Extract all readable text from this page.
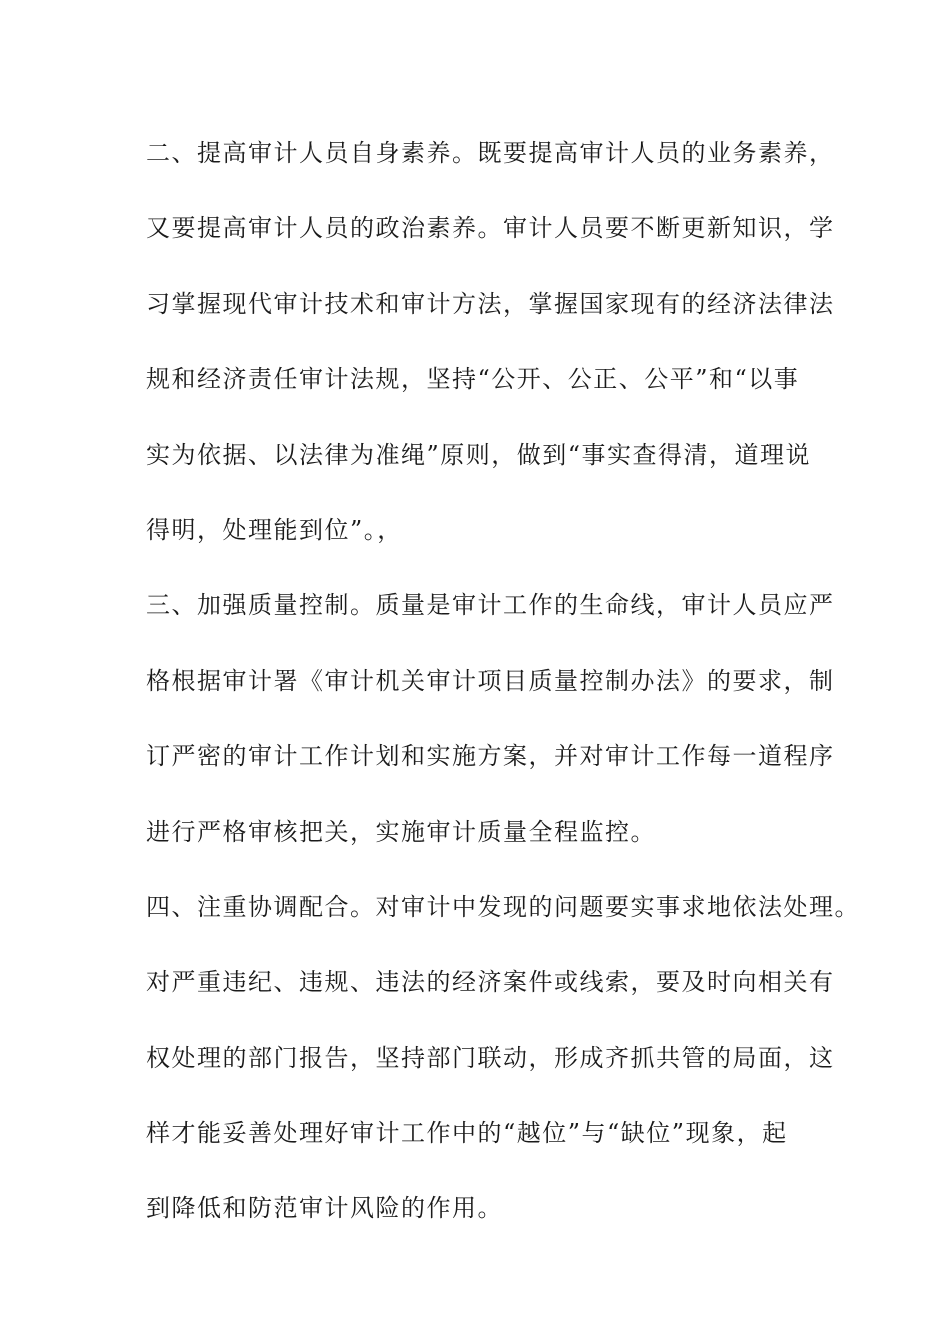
二、提高审计人员自身素养。既要提高审计人员的业务素养，
又要提高审计人员的政治素养。审计人员要不断更新知识，学
习掌握现代审计技术和审计方法，掌握国家现有的经济法律法
规和经济责任审计法规，坚持“公开、公正、公平”和“以事
实为依据、以法律为准绳”原则，做到“事实查得清，道理说
得明，处理能到位”。，
三、加强质量控制。质量是审计工作的生命线，审计人员应严
格根据审计署《审计机关审计项目质量控制办法》的要求，制
订严密的审计工作计划和实施方案，并对审计工作每一道程序
进行严格审核把关，实施审计质量全程监控。
四、注重协调配合。对审计中发现的问题要实事求地依法处理。
对严重违纪、违规、违法的经济案件或线索，要及时向相关有
权处理的部门报告，坚持部门联动，形成齐抓共管的局面，这
样才能妥善处理好审计工作中的“越位”与“缺位”现象，起
到降低和防范审计风险的作用。
